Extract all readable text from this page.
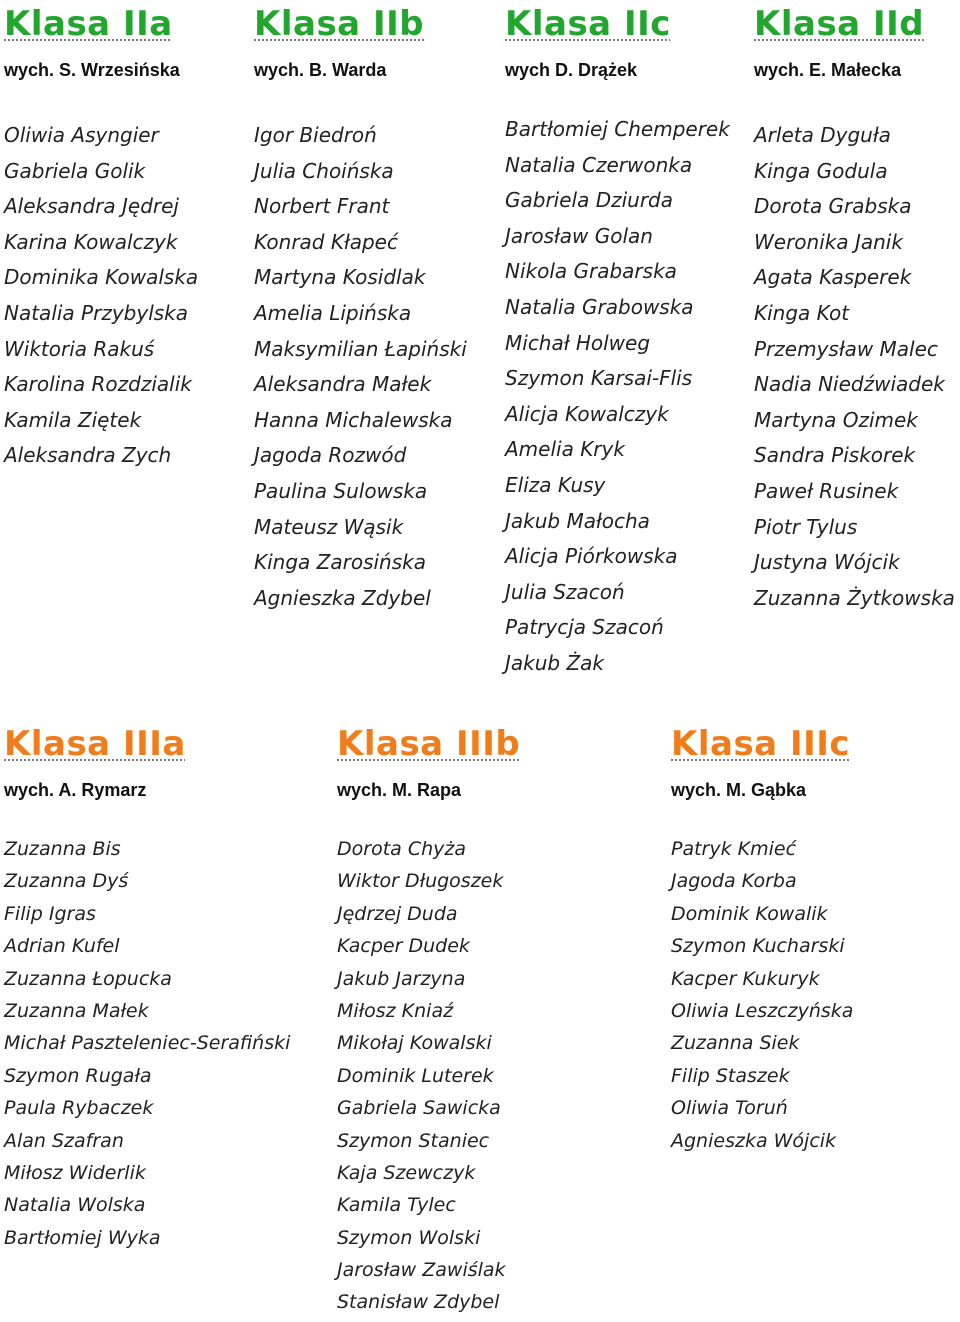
Klasa IIa

wych. S. Wrzesińska

Oliwia Asyngier
Gabriela Golik
Aleksandra Jędrej
Karina Kowalczyk
Dominika Kowalska
Natalia Przybylska
Wiktoria Rakuś
Karolina Rozdzialik
Kamila Ziętek
Aleksandra Zych
Klasa IIb

wych. B. Warda

Igor Biedroń
Julia Choińska
Norbert Frant
Konrad Kłapeć
Martyna Kosidlak
Amelia Lipińska
Maksymilian Łapiński
Aleksandra Małek
Hanna Michalewska
Jagoda Rozwód
Paulina Sulowska
Mateusz Wąsik
Kinga Zarosińska
Agnieszka Zdybel
Klasa IIc

wych D. Drążek

Bartłomiej Chemperek
Natalia Czerwonka
Gabriela Dziurda
Jarosław Golan
Nikola Grabarska
Natalia Grabowska
Michał Holweg
Szymon Karsai-Flis
Alicja Kowalczyk
Amelia Kryk
Eliza Kusy
Jakub Małocha
Alicja Piórkowska
Julia Szacoń
Patrycja Szacoń
Jakub Żak
Klasa IId

wych. E. Małecka

Arleta Dyguła
Kinga Godula
Dorota Grabska
Weronika Janik
Agata Kasperek
Kinga Kot
Przemysław Malec
Nadia Niedźwiadek
Martyna Ozimek
Sandra Piskorek
Paweł Rusinek
Piotr Tylus
Justyna Wójcik
Zuzanna Żytkowska
Klasa IIIa

wych. A. Rymarz

Zuzanna Bis
Zuzanna Dyś
Filip Igras
Adrian Kufel
Zuzanna Łopucka
Zuzanna Małek
Michał Paszteleniec-Serafiński
Szymon Rugała
Paula Rybaczek
Alan Szafran
Miłosz Widerlik
Natalia Wolska
Bartłomiej Wyka
Klasa IIIb

wych. M. Rapa

Dorota Chyża
Wiktor Długoszek
Jędrzej Duda
Kacper Dudek
Jakub Jarzyna
Miłosz Kniaź
Mikołaj Kowalski
Dominik Luterek
Gabriela Sawicka
Szymon Staniec
Kaja Szewczyk
Kamila Tylec
Szymon Wolski
Jarosław Zawiślak
Stanisław Zdybel
Klasa IIIc

wych. M. Gąbka

Patryk Kmieć
Jagoda Korba
Dominik Kowalik
Szymon Kucharski
Kacper Kukuryk
Oliwia Leszczyńska
Zuzanna Siek
Filip Staszek
Oliwia Toruń
Agnieszka Wójcik
